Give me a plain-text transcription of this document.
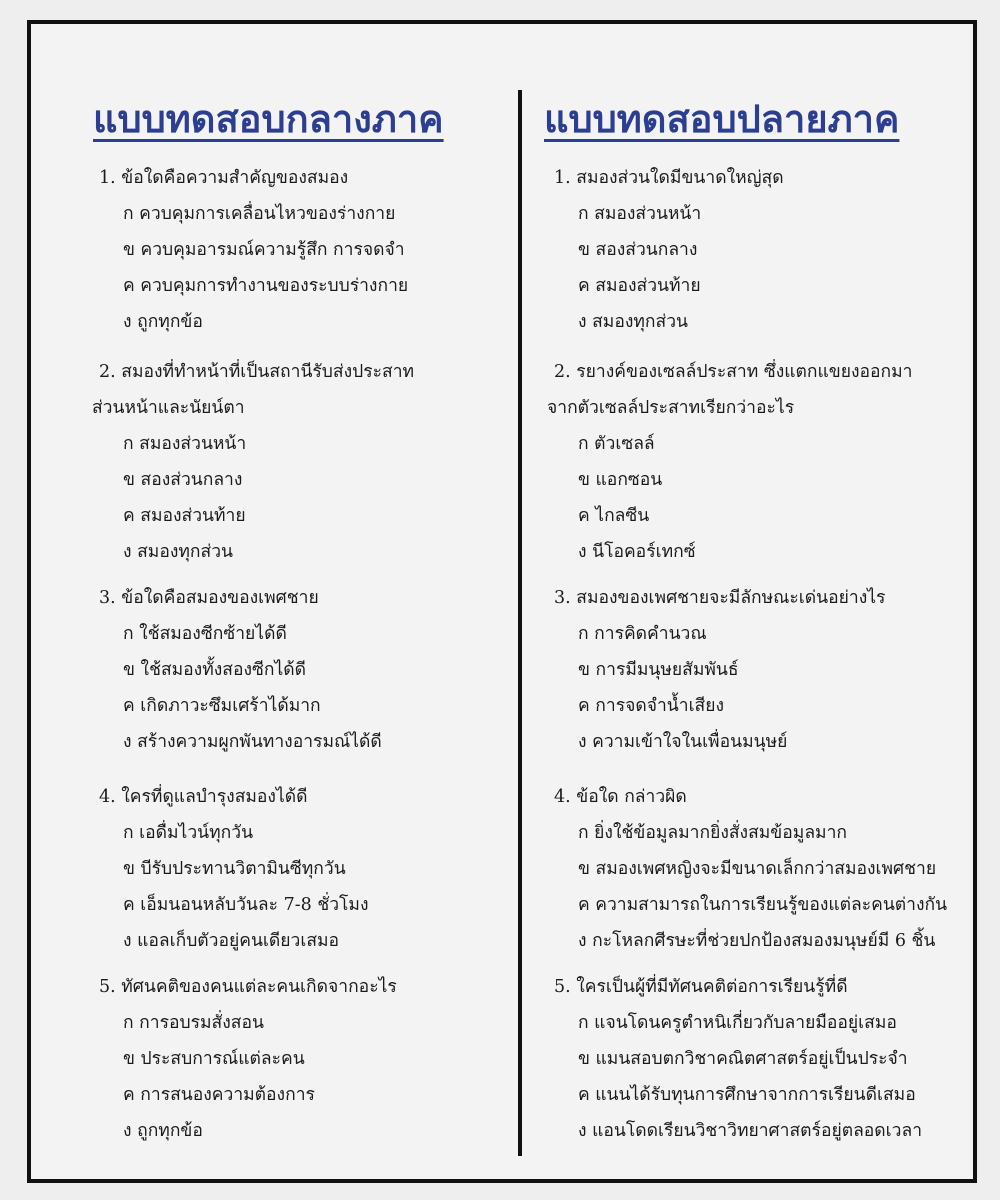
แบบทดสอบกลางภาค
1. ข้อใดคือความสำคัญของสมอง
ก ควบคุมการเคลื่อนไหวของร่างกาย
ข ควบคุมอารมณ์ความรู้สึก การจดจำ
ค ควบคุมการทำงานของระบบร่างกาย
ง ถูกทุกข้อ
2. สมองที่ทำหน้าที่เป็นสถานีรับส่งประสาท
ส่วนหน้าและนัยน์ตา
ก สมองส่วนหน้า
ข สองส่วนกลาง
ค สมองส่วนท้าย
ง สมองทุกส่วน
3. ข้อใดคือสมองของเพศชาย
ก ใช้สมองซีกซ้ายได้ดี
ข ใช้สมองทั้งสองซีกได้ดี
ค เกิดภาวะซึมเศร้าได้มาก
ง สร้างความผูกพันทางอารมณ์ได้ดี
4. ใครที่ดูแลบำรุงสมองได้ดี
ก เอดื่มไวน์ทุกวัน
ข บีรับประทานวิตามินซีทุกวัน
ค เอ็มนอนหลับวันละ 7-8 ชั่วโมง
ง แอลเก็บตัวอยู่คนเดียวเสมอ
5. ทัศนคติของคนแต่ละคนเกิดจากอะไร
ก การอบรมสั่งสอน
ข ประสบการณ์แต่ละคน
ค การสนองความต้องการ
ง ถูกทุกข้อ
แบบทดสอบปลายภาค
1. สมองส่วนใดมีขนาดใหญ่สุด
ก สมองส่วนหน้า
ข สองส่วนกลาง
ค สมองส่วนท้าย
ง สมองทุกส่วน
2. รยางค์ของเซลล์ประสาท ซึ่งแตกแขยงออกมา
จากตัวเซลล์ประสาทเรียกว่าอะไร
ก ตัวเซลล์
ข แอกซอน
ค ไกลซีน
ง นีโอคอร์เทกซ์
3. สมองของเพศชายจะมีลักษณะเด่นอย่างไร
ก การคิดคำนวณ
ข การมีมนุษยสัมพันธ์
ค การจดจำน้ำเสียง
ง ความเข้าใจในเพื่อนมนุษย์
4. ข้อใด กล่าวผิด
ก ยิ่งใช้ข้อมูลมากยิ่งสั่งสมข้อมูลมาก
ข สมองเพศหญิงจะมีขนาดเล็กกว่าสมองเพศชาย
ค ความสามารถในการเรียนรู้ของแต่ละคนต่างกัน
ง กะโหลกศีรษะที่ช่วยปกป้องสมองมนุษย์มี 6 ชิ้น
5. ใครเป็นผู้ที่มีทัศนคติต่อการเรียนรู้ที่ดี
ก แจนโดนครูตำหนิเกี่ยวกับลายมืออยู่เสมอ
ข แมนสอบตกวิชาคณิตศาสตร์อยู่เป็นประจำ
ค แนนได้รับทุนการศึกษาจากการเรียนดีเสมอ
ง แอนโดดเรียนวิชาวิทยาศาสตร์อยู่ตลอดเวลา
